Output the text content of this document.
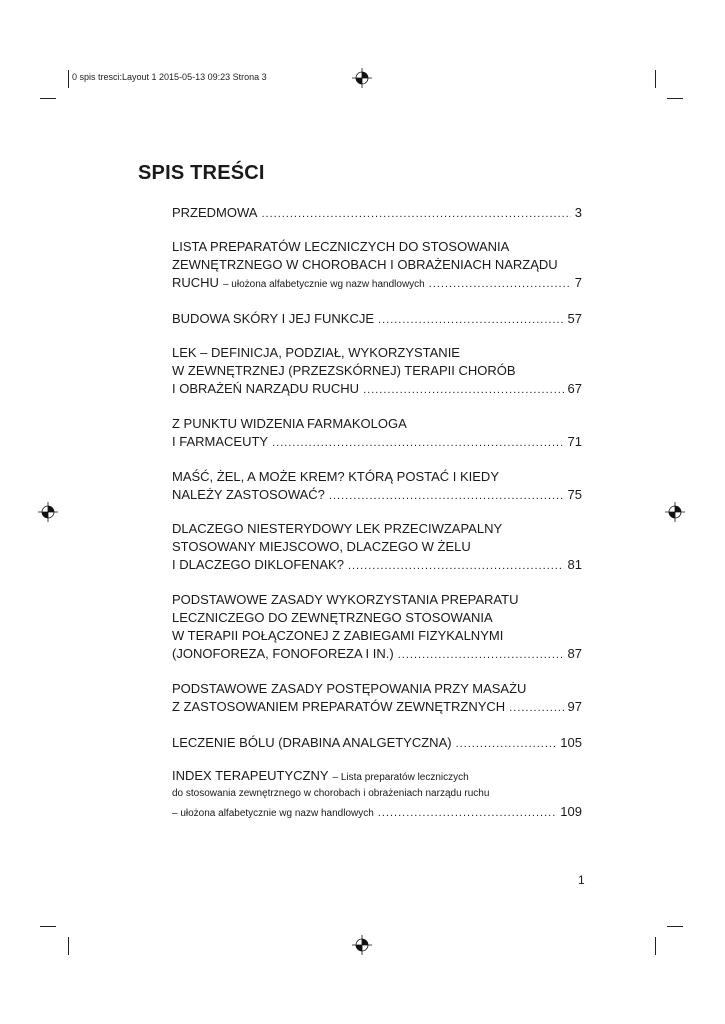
0 spis tresci:Layout 1 2015-05-13 09:23 Strona 3
SPIS TREŚCI
PRZEDMOWA .....	3
LISTA PREPARATÓW LECZNICZYCH DO STOSOWANIA
ZEWNĘTRZNEGO W CHOROBACH I OBRAŻENIACH NARZĄDU
RUCHU – ułożona alfabetycznie wg nazw handlowych .....	7
BUDOWA SKÓRY I JEJ FUNKCJE .....	57
LEK – DEFINICJA, PODZIAŁ, WYKORZYSTANIE
W ZEWNĘTRZNEJ (PRZEZSKÓRNEJ) TERAPII CHORÓB
I OBRAŻEŃ NARZĄDU RUCHU .....	67
Z PUNKTU WIDZENIA FARMAKOLOGA
I FARMACEUTY .....	71
MAŚĆ, ŻEL, A MOŻE KREM? KTÓRĄ POSTAĆ I KIEDY
NALEŻY ZASTOSOWAĆ? .....	75
DLACZEGO NIESTERYDOWY LEK PRZECIWZAPALNY
STOSOWANY MIEJSCOWO, DLACZEGO W ŻELU
I DLACZEGO DIKLOFENAK? .....	81
PODSTAWOWE ZASADY WYKORZYSTANIA PREPARATU
LECZNICZEGO DO ZEWNĘTRZNEGO STOSOWANIA
W TERAPII POŁĄCZONEJ Z ZABIEGAMI FIZYKALNYMI
(JONOFOREZA, FONOFOREZA I IN.) .....	87
PODSTAWOWE ZASADY POSTĘPOWANIA PRZY MASAŻU
Z ZASTOSOWANIEM PREPARATÓW ZEWNĘTRZNYCH .....	97
LECZENIE BÓLU (DRABINA ANALGETYCZNA) .....	105
INDEX TERAPEUTYCZNY – Lista preparatów leczniczych
do stosowania zewnętrznego w chorobach i obrażeniach narządu ruchu
– ułożona alfabetycznie wg nazw handlowych .....	109
1
